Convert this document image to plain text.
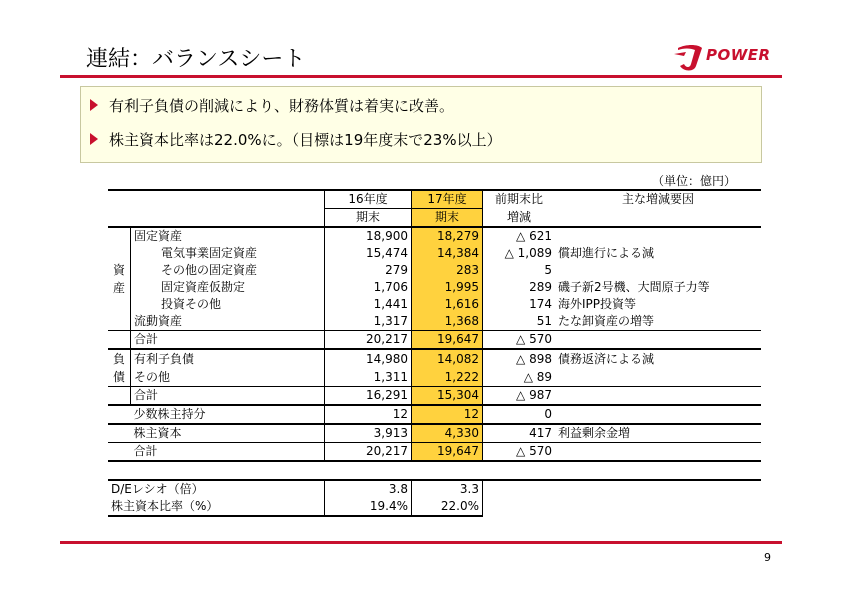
連結：バランスシート	POWER
有利子負債の削減により、財務体質は着実に改善。
株主資本比率は22.0%に。（目標は19年度末で23%以上）
（単位：億円）
		16年度	17年度	前期末比	主な増減要因
		期末	期末	増減	
資
産	固定資産	18,900	18,279	△ 621	
	電気事業固定資産	15,474	14,384	△ 1,089	償却進行による減
	その他の固定資産	279	283	5	
	固定資産仮勘定	1,706	1,995	289	磯子新2号機、大間原子力等
	投資その他	1,441	1,616	174	海外IPP投資等
	流動資産	1,317	1,368	51	たな卸資産の増等
	合計	20,217	19,647	△ 570	
負
債	有利子負債	14,980	14,082	△ 898	債務返済による減
	その他	1,311	1,222	△ 89	
	合計	16,291	15,304	△ 987	
	少数株主持分	12	12	0	
	株主資本	3,913	4,330	417	利益剰余金増
	合計	20,217	19,647	△ 570	

D/Eレシオ（倍）		3.8	3.3		
株主資本比率（%）		19.4%	22.0%		
9
